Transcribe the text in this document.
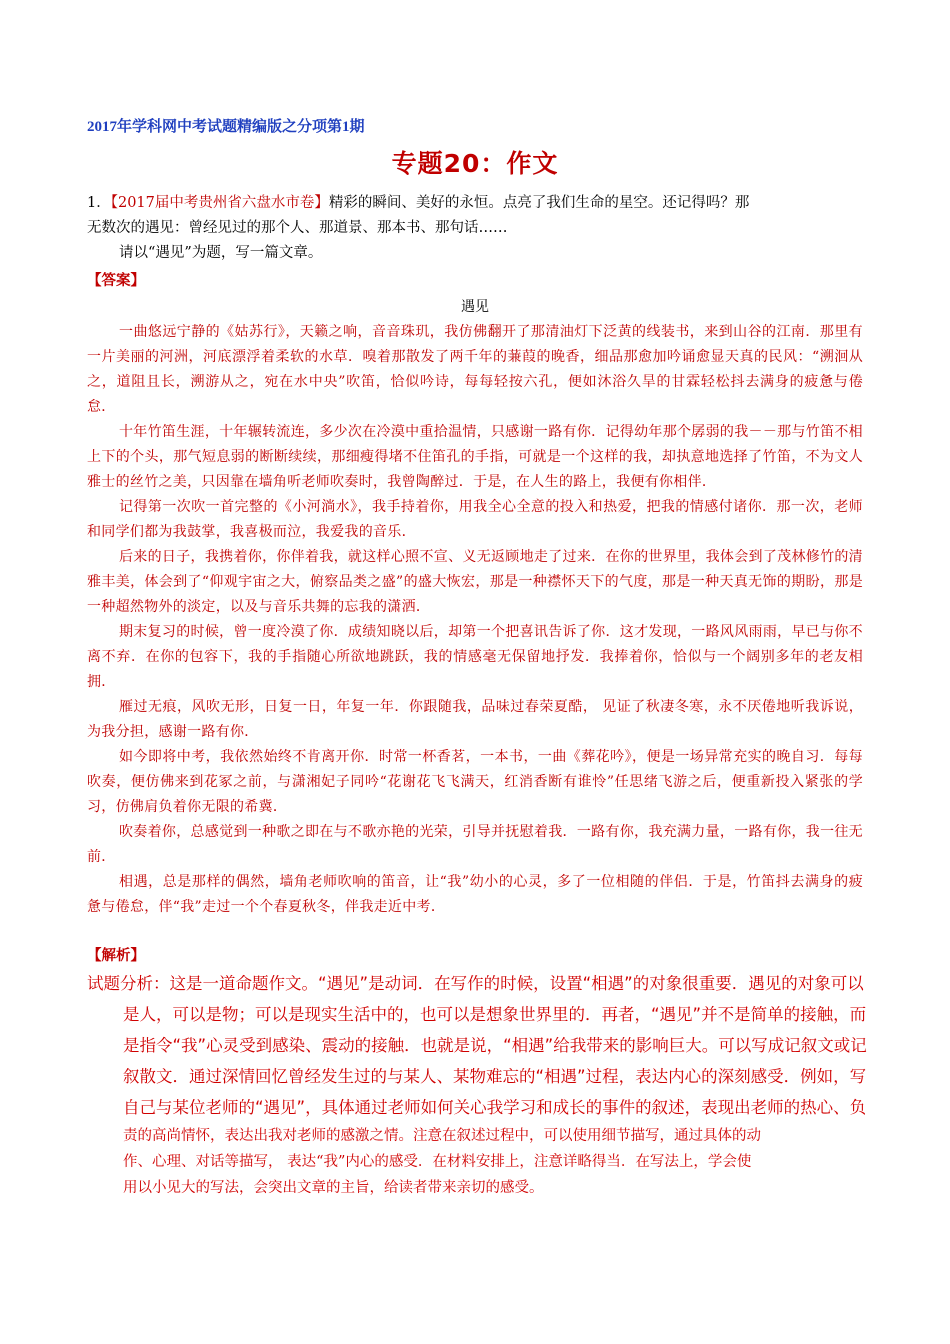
2017年学科网中考试题精编版之分项第1期
专题20：作文
1．【2017届中考贵州省六盘水市卷】精彩的瞬间、美好的永恒。点亮了我们生命的星空。还记得吗？那
无数次的遇见：曾经见过的那个人、那道景、那本书、那句话……
请以“遇见”为题，写一篇文章。
【答案】
遇见

一曲悠远宁静的《姑苏行》，天籁之响，音音珠玑，我仿佛翻开了那清油灯下泛黄的线装书，来到山谷的江南．那里有一片美丽的河洲，河底漂浮着柔软的水草．嗅着那散发了两千年的蒹葭的晚香，细品那愈加吟诵愈显天真的民风：“溯洄从之，道阻且长，溯游从之，宛在水中央”吹笛，恰似吟诗，每每轻按六孔，便如沐浴久旱的甘霖轻松抖去满身的疲惫与倦怠．

十年竹笛生涯，十年辗转流连，多少次在冷漠中重拾温情，只感谢一路有你．记得幼年那个孱弱的我－－那与竹笛不相上下的个头，那气短息弱的断断续续，那细瘦得堵不住笛孔的手指，可就是一个这样的我，却执意地选择了竹笛，不为文人雅士的丝竹之美，只因靠在墙角听老师吹奏时，我曾陶醉过．于是，在人生的路上，我便有你相伴．

记得第一次吹一首完整的《小河淌水》，我手持着你，用我全心全意的投入和热爱，把我的情感付诸你．那一次，老师和同学们都为我鼓掌，我喜极而泣，我爱我的音乐．

后来的日子，我携着你，你伴着我，就这样心照不宣、义无返顾地走了过来．在你的世界里，我体会到了茂林修竹的清雅丰美，体会到了“仰观宇宙之大，俯察品类之盛”的盛大恢宏，那是一种襟怀天下的气度，那是一种天真无饰的期盼，那是一种超然物外的淡定，以及与音乐共舞的忘我的潇洒．

期末复习的时候，曾一度冷漠了你．成绩知晓以后，却第一个把喜讯告诉了你．这才发现，一路风风雨雨，早已与你不离不弃．在你的包容下，我的手指随心所欲地跳跃，我的情感毫无保留地抒发．我捧着你，恰似与一个阔别多年的老友相拥．

雁过无痕，风吹无形，日复一日，年复一年．你跟随我，品味过春荣夏酷， 见证了秋凄冬寒，永不厌倦地听我诉说，为我分担，感谢一路有你．

如今即将中考，我依然始终不肯离开你．时常一杯香茗，一本书，一曲《葬花吟》，便是一场异常充实的晚自习．每每吹奏，便仿佛来到花冢之前，与潇湘妃子同吟“花谢花飞飞满天，红消香断有谁怜”任思绪飞游之后，便重新投入紧张的学习，仿佛肩负着你无限的希冀．

吹奏着你，总感觉到一种歌之即在与不歌亦艳的光荣，引导并抚慰着我．一路有你，我充满力量，一路有你，我一往无前．

相遇，总是那样的偶然，墙角老师吹响的笛音，让“我”幼小的心灵，多了一位相随的伴侣．于是，竹笛抖去满身的疲惫与倦怠，伴“我”走过一个个春夏秋冬，伴我走近中考．

【解析】
试题分析：这是一道命题作文。“遇见”是动词．在写作的时候，设置“相遇”的对象很重要．遇见的对象可以
是人，可以是物；可以是现实生活中的，也可以是想象世界里的．再者，“遇见”并不是简单的接触，而
是指令“我”心灵受到感染、震动的接触．也就是说，“相遇”给我带来的影响巨大。可以写成记叙文或记
叙散文．通过深情回忆曾经发生过的与某人、某物难忘的“相遇”过程，表达内心的深刻感受．例如，写
自己与某位老师的“遇见”，具体通过老师如何关心我学习和成长的事件的叙述，表现出老师的热心、负
责的高尚情怀，表达出我对老师的感激之情。注意在叙述过程中，可以使用细节描写，通过具体的动
作、心理、对话等描写， 表达“我”内心的感受．在材料安排上，注意详略得当．在写法上，学会使
用以小见大的写法，会突出文章的主旨，给读者带来亲切的感受。
